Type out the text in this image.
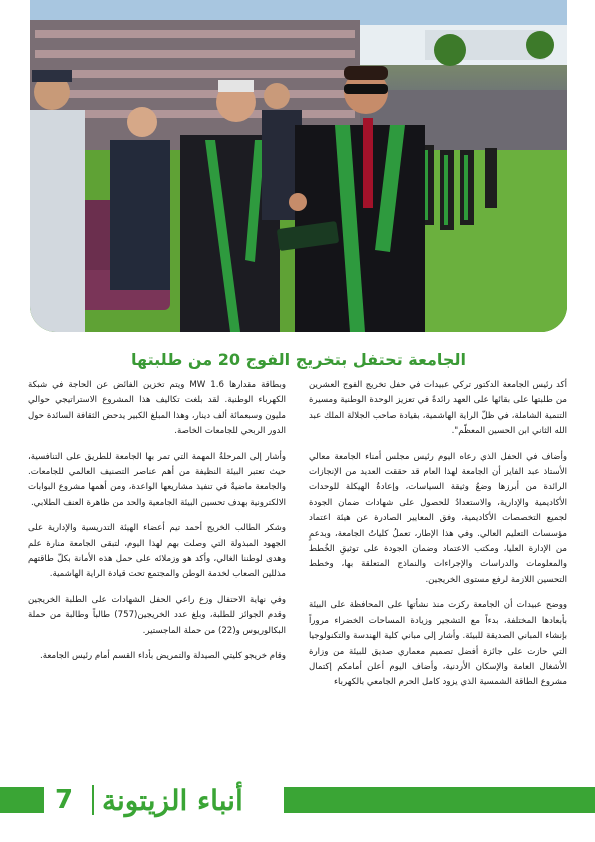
الجامعة تحتفل بتخريج الفوج 20 من طلبتها

أكد رئيس الجامعة الدكتور تركي عبيدات في حفل تخريج الفوج العشرين من طلبتها على بقائها على العهد رائدةً في تعزيز الوحدة الوطنية ومسيرة التنمية الشاملة، في ظلّ الراية الهاشمية، بقيادة صاحب الجلالة الملك عبد الله الثاني ابن الحسين المعظّم".

وأضاف في الحفل الذي رعاه اليوم رئيس مجلس أمناء الجامعة معالي الأستاذ عبد الفايز أن الجامعة لهذا العام قد حققت العديد من الإنجازات الرائدة من أبرزها وضعُ وثيقة السياسات، وإعادةُ الهيكلة للوحدات الأكاديمية والإدارية، والاستعدادُ للحصول على شهادات ضمان الجودة لجميع التخصصات الأكاديمية، وفق المعايير الصادرة عن هيئة اعتماد مؤسسات التعليم العالي. وفي هذا الإطار، تعملُ كلياتُ الجامعة، وبدعمٍ من الإدارة العليا، ومكتب الاعتماد وضمان الجودة على توثيقِ الخُطط والمعلومات والدراسات والإجراءات والنماذج المتعلقة بها، وخطط التحسين اللازمة لرفع مستوى الخريجين.

ووضح عبيدات أن الجامعة ركزت منذ نشأتها على المحافظة على البيئة بأبعادها المختلفة، بدءاً مع التشجير وزيادة المساحات الخضراء مروراً بإنشاء المباني الصديقة للبيئة. وأشار إلى مباني كلية الهندسة والتكنولوجيا التي حازت على جائزة أفضل تصميم معماري صديق للبيئة من وزارة الأشغال العامة والإسكان الأردنية، وأضاف اليوم أعلن أمامكم إكتمال مشروع الطاقة الشمسية الذي يزود كامل الحرم الجامعي بالكهرباء

وبطاقة مقدارها 1.6 MW ويتم تخزين الفائض عن الحاجة في شبكة الكهرباء الوطنية. لقد بلغت تكاليف هذا المشروع الاستراتيجي حوالي مليون وسبعمائة ألف دينار، وهذا المبلغ الكبير يدحض الثقافة السائدة حول الدور الربحي للجامعات الخاصة.

وأشار إلى المرحلةُ المهمة التي تمر بها الجامعة للطريق على التنافسية، حيث تعتبر البيئة النظيفة من أهم عناصر التصنيف العالمي للجامعات. والجامعة ماضيةٌ في تنفيذ مشاريعها الواعدة، ومن أهمها مشروع البوابات الالكترونية بهدف تحسين البيئة الجامعية والحد من ظاهرة العنف الطلابي.

وشكر الطالب الخريج أحمد تيم أعضاء الهيئة التدريسية والإدارية على الجهود المبذولة التي وصلت بهم لهذا اليوم، لتبقى الجامعة منارة علم وهدى لوطننا الغالي، وأكد هو وزملائه على حمل هذه الأمانة بكلّ طاقتهم مذللين الصعاب لخدمة الوطن والمجتمع تحت قيادة الراية الهاشمية.

وفي نهاية الاحتفال وزع راعي الحفل الشهادات على الطلبة الخريجين وقدم الجوائز للطلبة، وبلغ عدد الخريجين(757) طالباً وطالبة من حملة البكالوريوس و(22) من حملة الماجستير.

وقام خريجو كليتي الصيدلة والتمريض بأداء القسم أمام رئيس الجامعة.

7	أنباء الزيتونة
